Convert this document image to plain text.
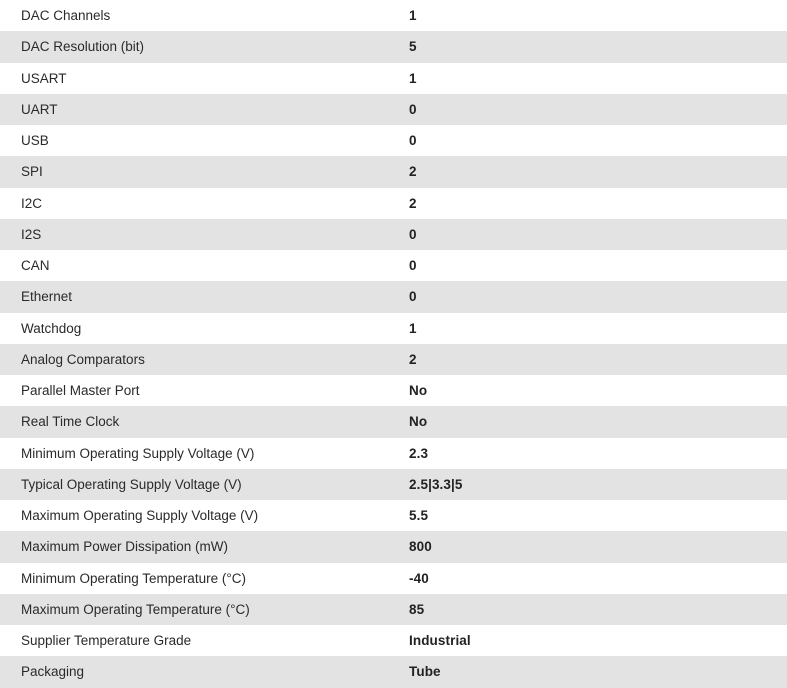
DAC Channels	1
DAC Resolution (bit)	5
USART	1
UART	0
USB	0
SPI	2
I2C	2
I2S	0
CAN	0
Ethernet	0
Watchdog	1
Analog Comparators	2
Parallel Master Port	No
Real Time Clock	No
Minimum Operating Supply Voltage (V)	2.3
Typical Operating Supply Voltage (V)	2.5|3.3|5
Maximum Operating Supply Voltage (V)	5.5
Maximum Power Dissipation (mW)	800
Minimum Operating Temperature (°C)	-40
Maximum Operating Temperature (°C)	85
Supplier Temperature Grade	Industrial
Packaging	Tube
